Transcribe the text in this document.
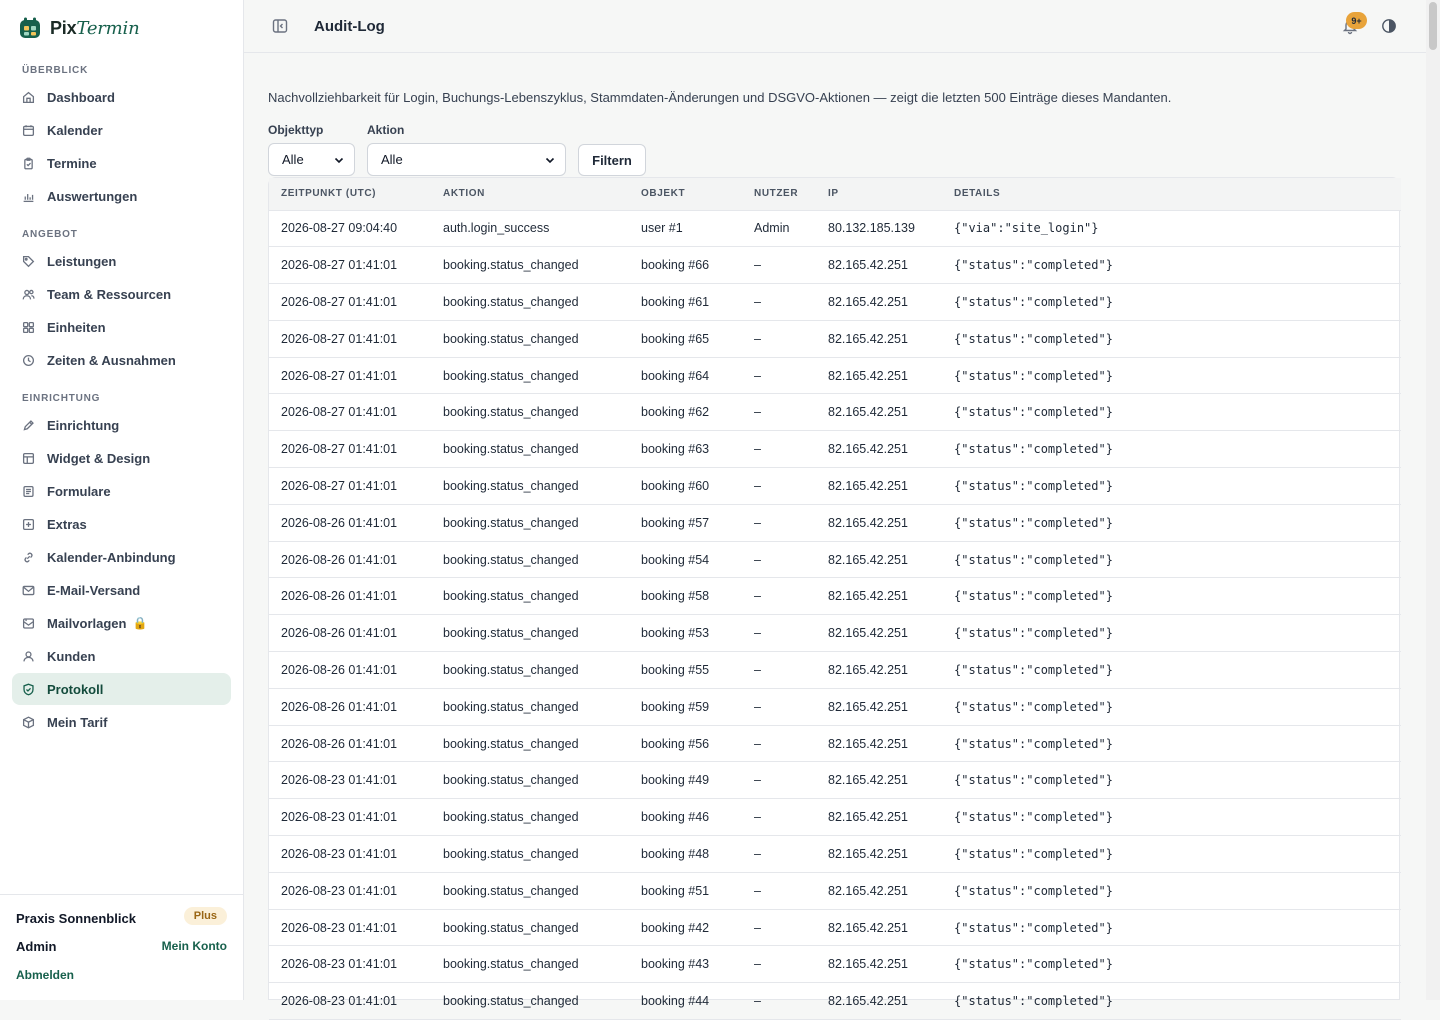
PixTermin
ÜBERBLICK
Dashboard
Kalender
Termine
Auswertungen
ANGEBOT
Leistungen
Team & Ressourcen
Einheiten
Zeiten & Ausnahmen
EINRICHTUNG
Einrichtung
Widget & Design
Formulare
Extras
Kalender-Anbindung
E-Mail-Versand
Mailvorlagen 🔒
Kunden
Protokoll
Mein Tarif
Praxis Sonnenblick	Plus
Admin	Mein Konto
Abmelden
Audit-Log	9+

Nachvollziehbarkeit für Login, Buchungs-Lebenszyklus, Stammdaten-Änderungen und DSGVO-Aktionen — zeigt die letzten 500 Einträge dieses Mandanten.

Objekttyp
Alle
Aktion
Alle	Filtern
ZEITPUNKT (UTC)	AKTION	OBJEKT	NUTZER	IP	DETAILS
2026-08-27 09:04:40	auth.login_success	user #1	Admin	80.132.185.139	{"via":"site_login"}
2026-08-27 01:41:01	booking.status_changed	booking #66	–	82.165.42.251	{"status":"completed"}
2026-08-27 01:41:01	booking.status_changed	booking #61	–	82.165.42.251	{"status":"completed"}
2026-08-27 01:41:01	booking.status_changed	booking #65	–	82.165.42.251	{"status":"completed"}
2026-08-27 01:41:01	booking.status_changed	booking #64	–	82.165.42.251	{"status":"completed"}
2026-08-27 01:41:01	booking.status_changed	booking #62	–	82.165.42.251	{"status":"completed"}
2026-08-27 01:41:01	booking.status_changed	booking #63	–	82.165.42.251	{"status":"completed"}
2026-08-27 01:41:01	booking.status_changed	booking #60	–	82.165.42.251	{"status":"completed"}
2026-08-26 01:41:01	booking.status_changed	booking #57	–	82.165.42.251	{"status":"completed"}
2026-08-26 01:41:01	booking.status_changed	booking #54	–	82.165.42.251	{"status":"completed"}
2026-08-26 01:41:01	booking.status_changed	booking #58	–	82.165.42.251	{"status":"completed"}
2026-08-26 01:41:01	booking.status_changed	booking #53	–	82.165.42.251	{"status":"completed"}
2026-08-26 01:41:01	booking.status_changed	booking #55	–	82.165.42.251	{"status":"completed"}
2026-08-26 01:41:01	booking.status_changed	booking #59	–	82.165.42.251	{"status":"completed"}
2026-08-26 01:41:01	booking.status_changed	booking #56	–	82.165.42.251	{"status":"completed"}
2026-08-23 01:41:01	booking.status_changed	booking #49	–	82.165.42.251	{"status":"completed"}
2026-08-23 01:41:01	booking.status_changed	booking #46	–	82.165.42.251	{"status":"completed"}
2026-08-23 01:41:01	booking.status_changed	booking #48	–	82.165.42.251	{"status":"completed"}
2026-08-23 01:41:01	booking.status_changed	booking #51	–	82.165.42.251	{"status":"completed"}
2026-08-23 01:41:01	booking.status_changed	booking #42	–	82.165.42.251	{"status":"completed"}
2026-08-23 01:41:01	booking.status_changed	booking #43	–	82.165.42.251	{"status":"completed"}
2026-08-23 01:41:01	booking.status_changed	booking #44	–	82.165.42.251	{"status":"completed"}
